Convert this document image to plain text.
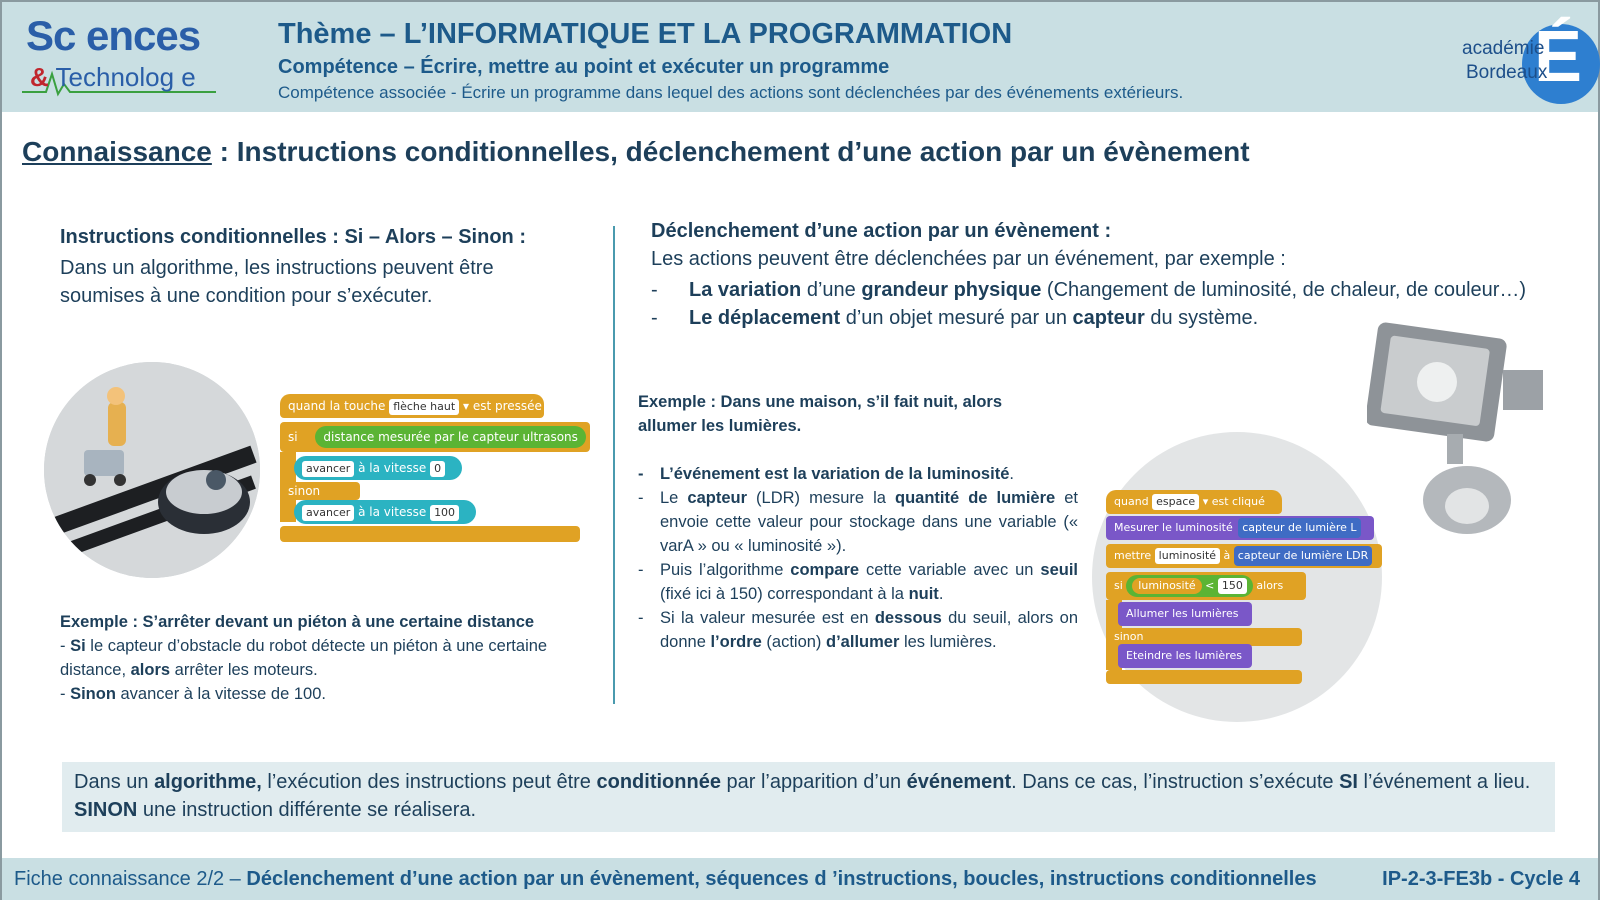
Sc ences
& Technolog e
Thème – L’INFORMATIQUE ET LA PROGRAMMATION
Compétence – Écrire, mettre au point et exécuter un programme
Compétence associée - Écrire un programme dans lequel des actions sont déclenchées par des événements extérieurs.	É
académie
Bordeaux
Connaissance : Instructions conditionnelles, déclenchement d’une action par un évènement
Instructions conditionnelles : Si – Alors – Sinon :
Dans un algorithme, les instructions peuvent être soumises à une condition pour s’exécuter.
quand la touche flèche haut ▾ est pressée
si distance mesurée par le capteur ultrasons
avancer à la vitesse 0
sinon
avancer à la vitesse 100
Exemple : S’arrêter devant un piéton à une certaine distance
- Si le capteur d’obstacle du robot détecte un piéton à une certaine distance, alors arrêter les moteurs.
- Sinon avancer à la vitesse de 100.
Déclenchement d’une action par un évènement :
Les actions peuvent être déclenchées par un événement, par exemple :
- La variation d’une grandeur physique (Changement de luminosité, de chaleur, de couleur…)
- Le déplacement d’un objet mesuré par un capteur du système.
Exemple : Dans une maison, s’il fait nuit, alors allumer les lumières.
- L’événement est la variation de la luminosité.
- Le capteur (LDR) mesure la quantité de lumière et envoie cette valeur pour stockage dans une variable (« varA » ou « luminosité »).
- Puis l’algorithme compare cette variable avec un seuil (fixé ici à 150) correspondant à la nuit.
- Si la valeur mesurée est en dessous du seuil, alors on donne l’ordre (action) d’allumer les lumières.
quand espace ▾ est cliqué
Mesurer le luminosité capteur de lumière L
mettre luminosité à capteur de lumière LDR
si luminosité < 150 alors
Allumer les lumières
sinon
Eteindre les lumières
Dans un algorithme, l’exécution des instructions peut être conditionnée par l’apparition d’un événement. Dans ce cas, l’instruction s’exécute SI l’événement a lieu. SINON une instruction différente se réalisera.
Fiche connaissance 2/2 – Déclenchement d’une action par un évènement, séquences d ’instructions, boucles, instructions conditionnelles	IP-2-3-FE3b - Cycle 4
